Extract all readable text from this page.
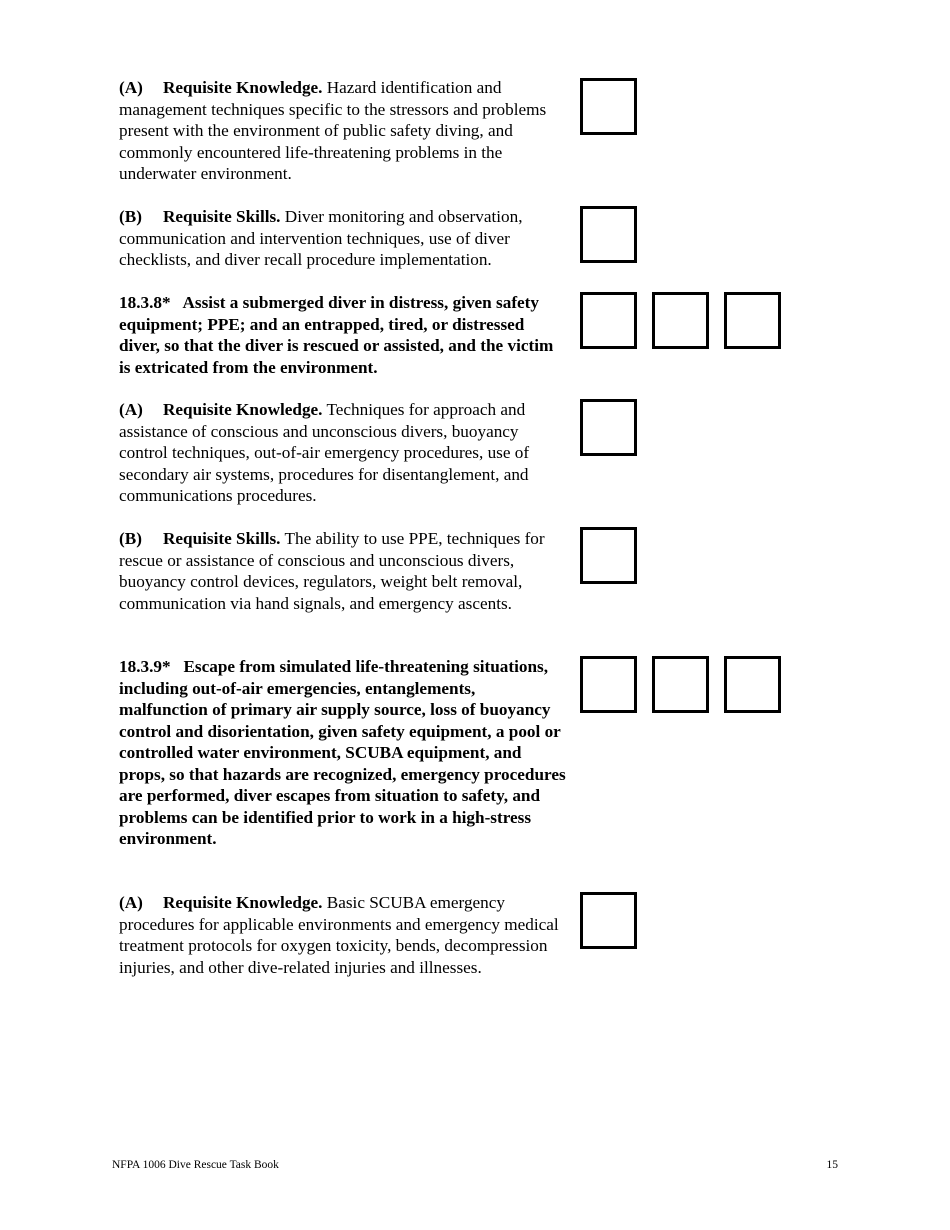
(A) Requisite Knowledge. Hazard identification and management techniques specific to the stressors and problems present with the environment of public safety diving, and commonly encountered life-threatening problems in the underwater environment.
(B) Requisite Skills. Diver monitoring and observation, communication and intervention techniques, use of diver checklists, and diver recall procedure implementation.
18.3.8*   Assist a submerged diver in distress, given safety equipment; PPE; and an entrapped, tired, or distressed diver, so that the diver is rescued or assisted, and the victim is extricated from the environment.
(A) Requisite Knowledge. Techniques for approach and assistance of conscious and unconscious divers, buoyancy control techniques, out-of-air emergency procedures, use of secondary air systems, procedures for disentanglement, and communications procedures.
(B) Requisite Skills. The ability to use PPE, techniques for rescue or assistance of conscious and unconscious divers, buoyancy control devices, regulators, weight belt removal, communication via hand signals, and emergency ascents.
18.3.9*   Escape from simulated life-threatening situations, including out-of-air emergencies, entanglements, malfunction of primary air supply source, loss of buoyancy control and disorientation, given safety equipment, a pool or controlled water environment, SCUBA equipment, and props, so that hazards are recognized, emergency procedures are performed, diver escapes from situation to safety, and problems can be identified prior to work in a high-stress environment.
(A) Requisite Knowledge. Basic SCUBA emergency procedures for applicable environments and emergency medical treatment protocols for oxygen toxicity, bends, decompression injuries, and other dive-related injuries and illnesses.
NFPA 1006 Dive Rescue Task Book	15
